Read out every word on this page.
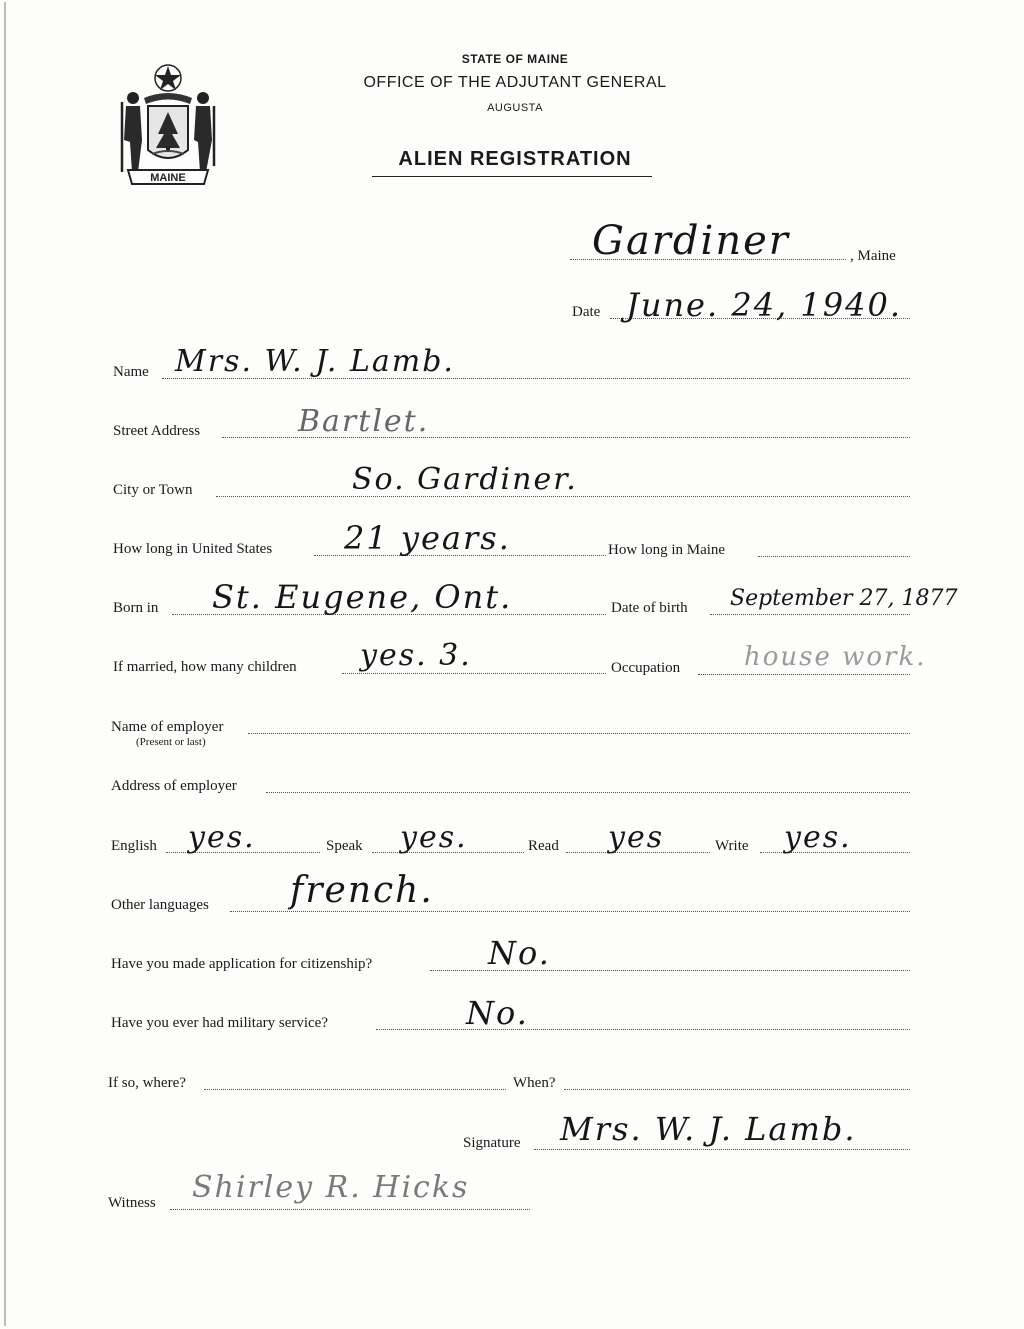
MAINE
STATE OF MAINE
OFFICE OF THE ADJUTANT GENERAL
AUGUSTA
ALIEN REGISTRATION
Gardiner	, Maine
Date June. 24, 1940.
Name Mrs. W. J. Lamb.
Street Address	Bartlet.
City or Town	So. Gardiner.
How long in United States 21 years.	How long in Maine
Born in St. Eugene, Ont.	Date of birth September 27, 1877
If married, how many children yes. 3.	Occupation house work.
Name of employer
(Present or last)
Address of employer
English yes.	Speak yes.	Read yes	Write yes.
Other languages french.
Have you made application for citizenship?	No.
Have you ever had military service?	No.
If so, where?	When?
Signature Mrs. W. J. Lamb.
Witness Shirley R. Hicks
